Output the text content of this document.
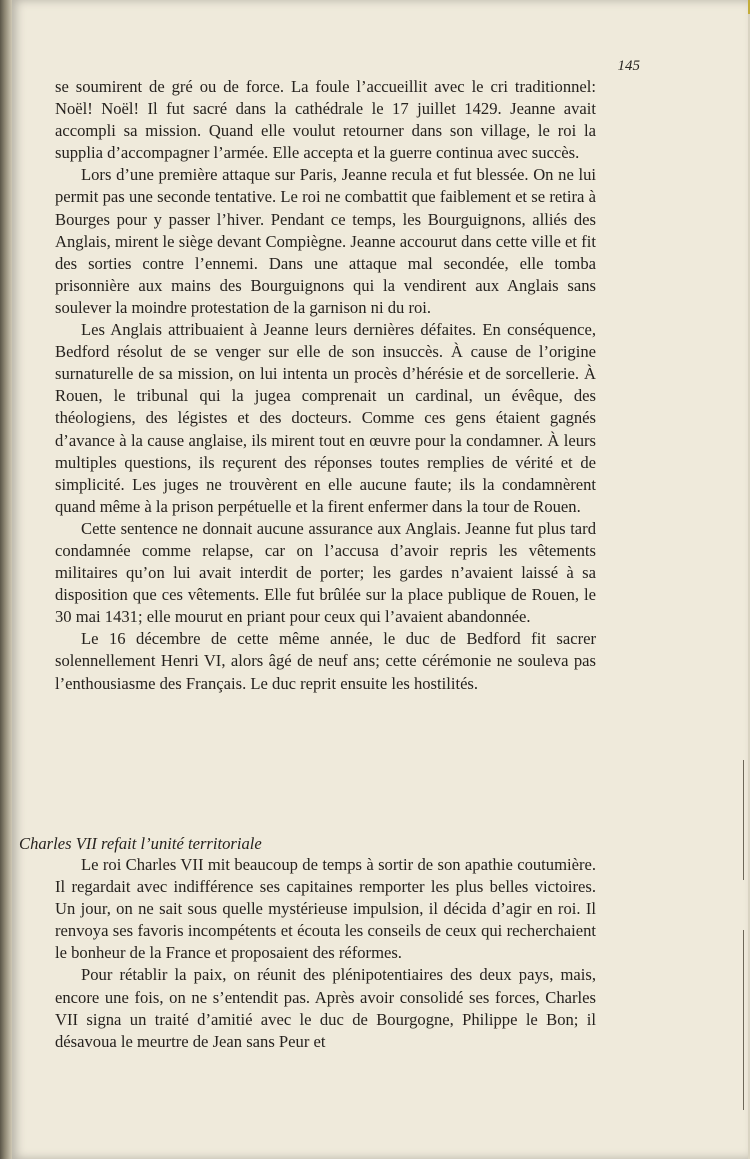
145

se soumirent de gré ou de force. La foule l’accueillit avec le cri traditionnel: Noël! Noël! Il fut sacré dans la cathédrale le 17 juillet 1429. Jeanne avait accompli sa mission. Quand elle voulut retourner dans son village, le roi la supplia d’accompagner l’armée. Elle accepta et la guerre continua avec succès.

Lors d’une première attaque sur Paris, Jeanne recula et fut blessée. On ne lui permit pas une seconde tentative. Le roi ne combattit que faiblement et se retira à Bourges pour y passer l’hiver. Pendant ce temps, les Bourguignons, alliés des Anglais, mirent le siège devant Compiègne. Jeanne accourut dans cette ville et fit des sorties contre l’ennemi. Dans une attaque mal secondée, elle tomba prisonnière aux mains des Bourguignons qui la vendirent aux Anglais sans soulever la moindre protestation de la garnison ni du roi.

Les Anglais attribuaient à Jeanne leurs dernières défaites. En conséquence, Bedford résolut de se venger sur elle de son insuccès. À cause de l’origine surnaturelle de sa mission, on lui intenta un procès d’hérésie et de sorcellerie. À Rouen, le tribunal qui la jugea comprenait un cardinal, un évêque, des théologiens, des légistes et des docteurs. Comme ces gens étaient gagnés d’avance à la cause anglaise, ils mirent tout en œuvre pour la condamner. À leurs multiples questions, ils reçurent des réponses toutes remplies de vérité et de simplicité. Les juges ne trouvèrent en elle aucune faute; ils la condamnèrent quand même à la prison perpétuelle et la firent enfermer dans la tour de Rouen.

Cette sentence ne donnait aucune assurance aux Anglais. Jeanne fut plus tard condamnée comme relapse, car on l’accusa d’avoir repris les vêtements militaires qu’on lui avait interdit de porter; les gardes n’avaient laissé à sa disposition que ces vêtements. Elle fut brûlée sur la place publique de Rouen, le 30 mai 1431; elle mourut en priant pour ceux qui l’avaient abandonnée.

Le 16 décembre de cette même année, le duc de Bedford fit sacrer solennellement Henri VI, alors âgé de neuf ans; cette cérémonie ne souleva pas l’enthousiasme des Français. Le duc reprit ensuite les hostilités.

Charles VII refait l’unité territoriale

Le roi Charles VII mit beaucoup de temps à sortir de son apathie coutumière. Il regardait avec indifférence ses capitaines remporter les plus belles victoires. Un jour, on ne sait sous quelle mystérieuse impulsion, il décida d’agir en roi. Il renvoya ses favoris incompétents et écouta les conseils de ceux qui recherchaient le bonheur de la France et proposaient des réformes.

Pour rétablir la paix, on réunit des plénipotentiaires des deux pays, mais, encore une fois, on ne s’entendit pas. Après avoir consolidé ses forces, Charles VII signa un traité d’amitié avec le duc de Bourgogne, Philippe le Bon; il désavoua le meurtre de Jean sans Peur et
